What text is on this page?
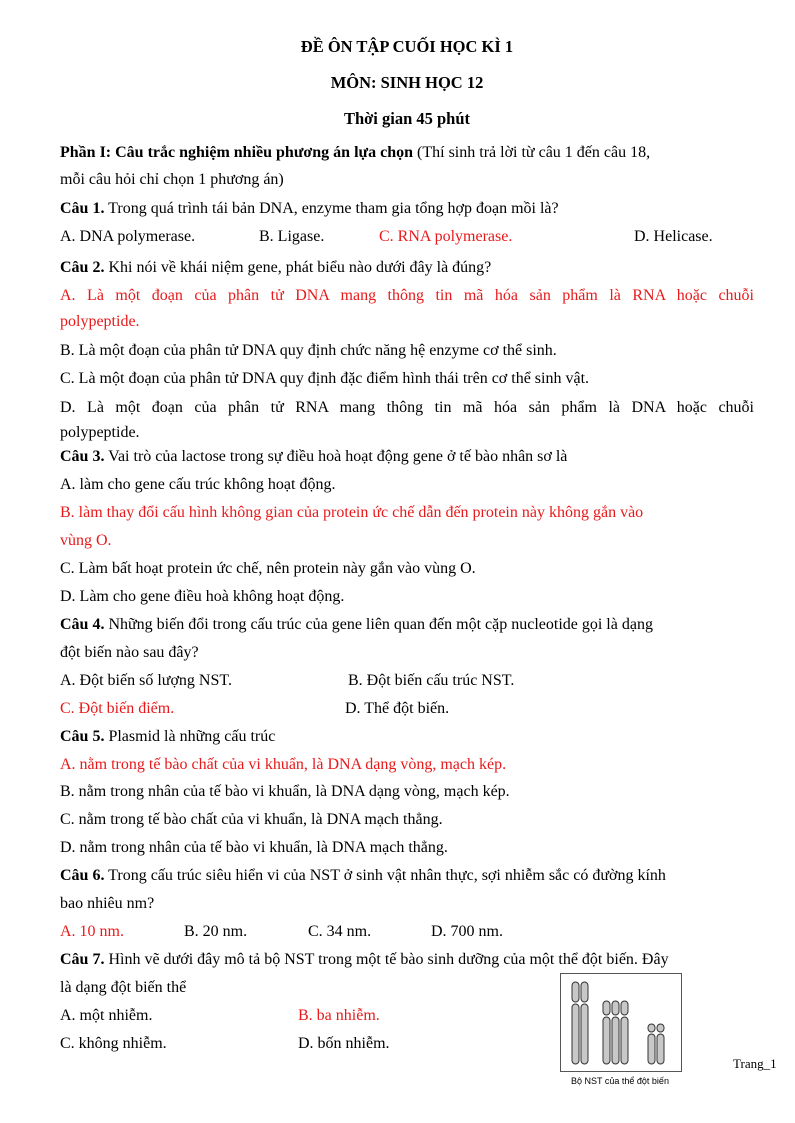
ĐỀ ÔN TẬP CUỐI HỌC KÌ 1
MÔN: SINH HỌC 12
Thời gian 45 phút
Phần I: Câu trắc nghiệm nhiều phương án lựa chọn (Thí sinh trả lời từ câu 1 đến câu 18,
mỗi câu hỏi chỉ chọn 1 phương án)
Câu 1. Trong quá trình tái bản DNA, enzyme tham gia tổng hợp đoạn mồi là?
A. DNA polymerase.	B. Ligase.	C. RNA polymerase.	D. Helicase.
Câu 2. Khi nói về khái niệm gene, phát biểu nào dưới đây là đúng?
A. Là một đoạn của phân tử DNA mang thông tin mã hóa sản phẩm là RNA hoặc chuỗi
polypeptide.
B. Là một đoạn của phân tử DNA quy định chức năng hệ enzyme cơ thể sinh.
C. Là một đoạn của phân tử DNA quy định đặc điểm hình thái trên cơ thể sinh vật.
D. Là một đoạn của phân tử RNA mang thông tin mã hóa sản phẩm là DNA hoặc chuỗi
polypeptide.
Câu 3. Vai trò của lactose trong sự điều hoà hoạt động gene ở tế bào nhân sơ là
A. làm cho gene cấu trúc không hoạt động.
B. làm thay đổi cấu hình không gian của protein ức chế dẫn đến protein này không gắn vào
vùng O.
C. Làm bất hoạt protein ức chế, nên protein này gắn vào vùng O.
D. Làm cho gene điều hoà không hoạt động.
Câu 4. Những biến đổi trong cấu trúc của gene liên quan đến một cặp nucleotide gọi là dạng
đột biến nào sau đây?
A. Đột biến số lượng NST.	B. Đột biến cấu trúc NST.
C. Đột biến điểm.	D. Thể đột biến.
Câu 5. Plasmid là những cấu trúc
A. nằm trong tế bào chất của vi khuẩn, là DNA dạng vòng, mạch kép.
B. nằm trong nhân của tế bào vi khuẩn, là DNA dạng vòng, mạch kép.
C. nằm trong tế bào chất của vi khuẩn, là DNA mạch thẳng.
D. nằm trong nhân của tế bào vi khuẩn, là DNA mạch thẳng.
Câu 6. Trong cấu trúc siêu hiển vi của NST ở sinh vật nhân thực, sợi nhiễm sắc có đường kính
bao nhiêu nm?
A. 10 nm.	B. 20 nm.	C. 34 nm.	D. 700 nm.
Câu 7. Hình vẽ dưới đây mô tả bộ NST trong một tế bào sinh dưỡng của một thể đột biến. Đây
là dạng đột biến thể
A. một nhiễm.	B. ba nhiễm.
C. không nhiễm.	D. bốn nhiễm.
Bộ NST của thể đột biến
Trang_1
